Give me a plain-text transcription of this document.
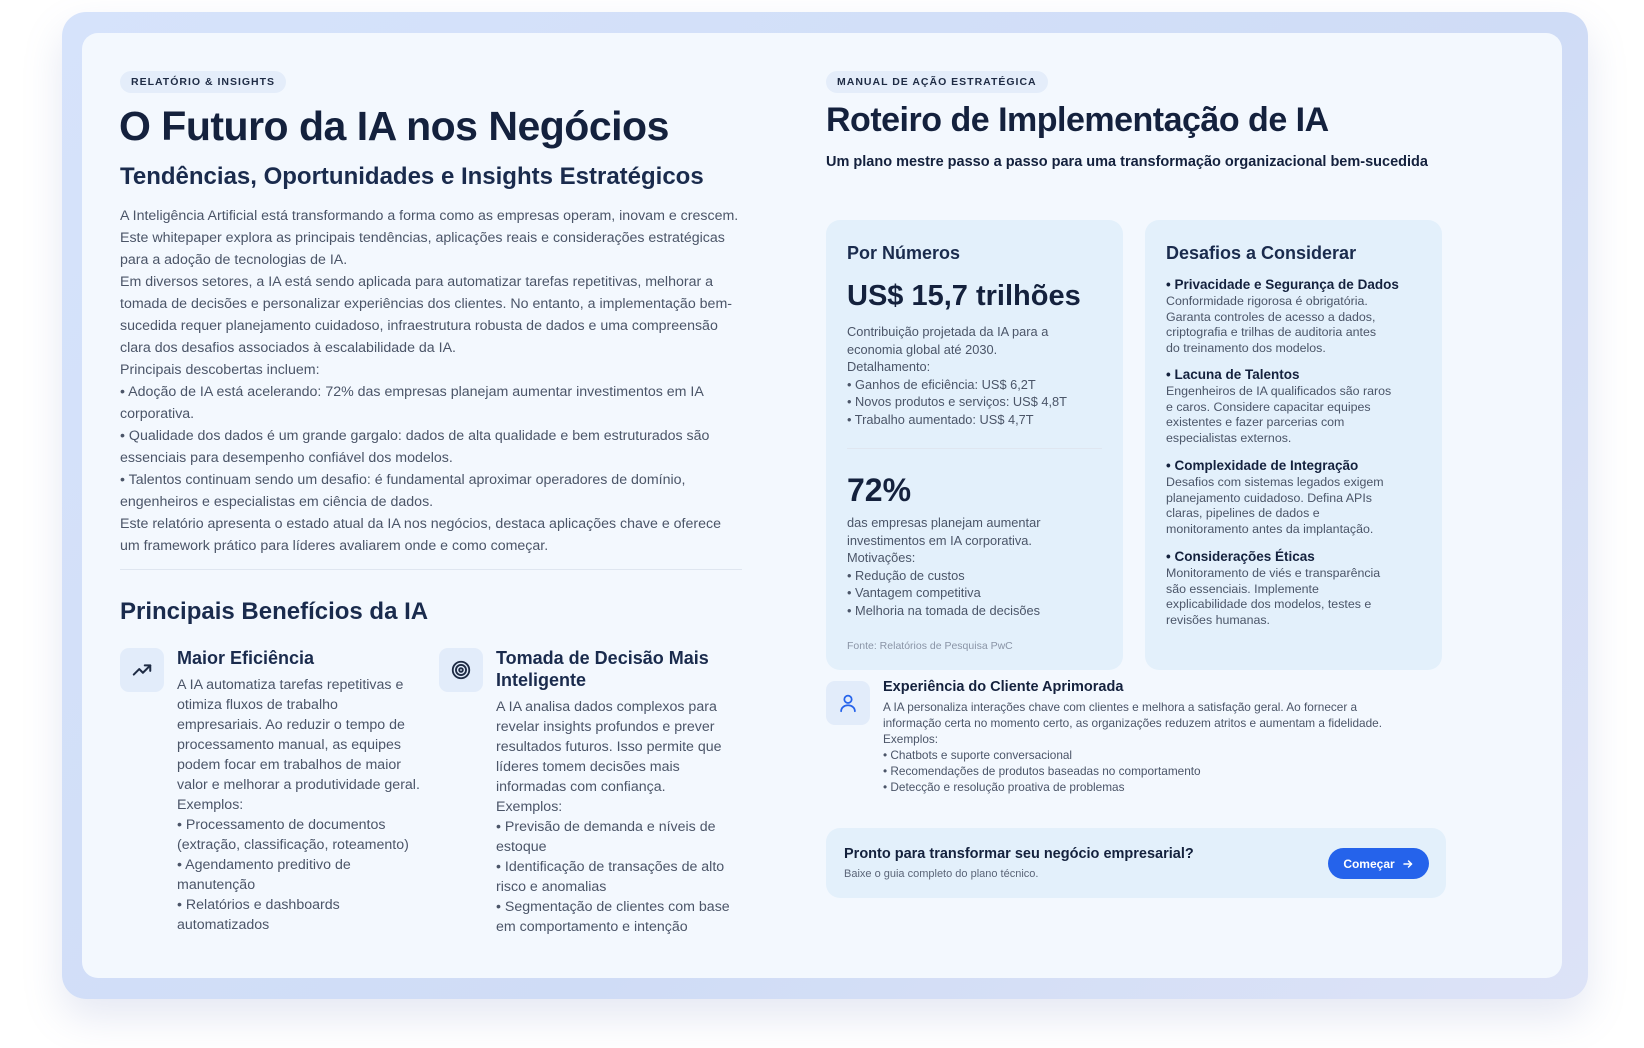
RELATÓRIO & INSIGHTS
O Futuro da IA nos Negócios
Tendências, Oportunidades e Insights Estratégicos
A Inteligência Artificial está transformando a forma como as empresas operam, inovam e crescem.
Este whitepaper explora as principais tendências, aplicações reais e considerações estratégicas
para a adoção de tecnologias de IA.
Em diversos setores, a IA está sendo aplicada para automatizar tarefas repetitivas, melhorar a
tomada de decisões e personalizar experiências dos clientes. No entanto, a implementação bem-
sucedida requer planejamento cuidadoso, infraestrutura robusta de dados e uma compreensão
clara dos desafios associados à escalabilidade da IA.
Principais descobertas incluem:
• Adoção de IA está acelerando: 72% das empresas planejam aumentar investimentos em IA
corporativa.
• Qualidade dos dados é um grande gargalo: dados de alta qualidade e bem estruturados são
essenciais para desempenho confiável dos modelos.
• Talentos continuam sendo um desafio: é fundamental aproximar operadores de domínio,
engenheiros e especialistas em ciência de dados.
Este relatório apresenta o estado atual da IA nos negócios, destaca aplicações chave e oferece
um framework prático para líderes avaliarem onde e como começar.
Principais Benefícios da IA
Maior Eficiência
A IA automatiza tarefas repetitivas e
otimiza fluxos de trabalho
empresariais. Ao reduzir o tempo de
processamento manual, as equipes
podem focar em trabalhos de maior
valor e melhorar a produtividade geral.
Exemplos:
• Processamento de documentos
(extração, classificação, roteamento)
• Agendamento preditivo de
manutenção
• Relatórios e dashboards
automatizados
Tomada de Decisão Mais
Inteligente
A IA analisa dados complexos para
revelar insights profundos e prever
resultados futuros. Isso permite que
líderes tomem decisões mais
informadas com confiança.
Exemplos:
• Previsão de demanda e níveis de
estoque
• Identificação de transações de alto
risco e anomalias
• Segmentação de clientes com base
em comportamento e intenção
MANUAL DE AÇÃO ESTRATÉGICA
Roteiro de Implementação de IA
Um plano mestre passo a passo para uma transformação organizacional bem-sucedida
Por Números
US$ 15,7 trilhões
Contribuição projetada da IA para a
economia global até 2030.
Detalhamento:
• Ganhos de eficiência: US$ 6,2T
• Novos produtos e serviços: US$ 4,8T
• Trabalho aumentado: US$ 4,7T
72%
das empresas planejam aumentar
investimentos em IA corporativa.
Motivações:
• Redução de custos
• Vantagem competitiva
• Melhoria na tomada de decisões
Fonte: Relatórios de Pesquisa PwC
Desafios a Considerar
• Privacidade e Segurança de Dados
Conformidade rigorosa é obrigatória.
Garanta controles de acesso a dados,
criptografia e trilhas de auditoria antes
do treinamento dos modelos.
• Lacuna de Talentos
Engenheiros de IA qualificados são raros
e caros. Considere capacitar equipes
existentes e fazer parcerias com
especialistas externos.
• Complexidade de Integração
Desafios com sistemas legados exigem
planejamento cuidadoso. Defina APIs
claras, pipelines de dados e
monitoramento antes da implantação.
• Considerações Éticas
Monitoramento de viés e transparência
são essenciais. Implemente
explicabilidade dos modelos, testes e
revisões humanas.
Experiência do Cliente Aprimorada
A IA personaliza interações chave com clientes e melhora a satisfação geral. Ao fornecer a
informação certa no momento certo, as organizações reduzem atritos e aumentam a fidelidade.
Exemplos:
• Chatbots e suporte conversacional
• Recomendações de produtos baseadas no comportamento
• Detecção e resolução proativa de problemas
Pronto para transformar seu negócio empresarial?
Baixe o guia completo do plano técnico.
Começar
